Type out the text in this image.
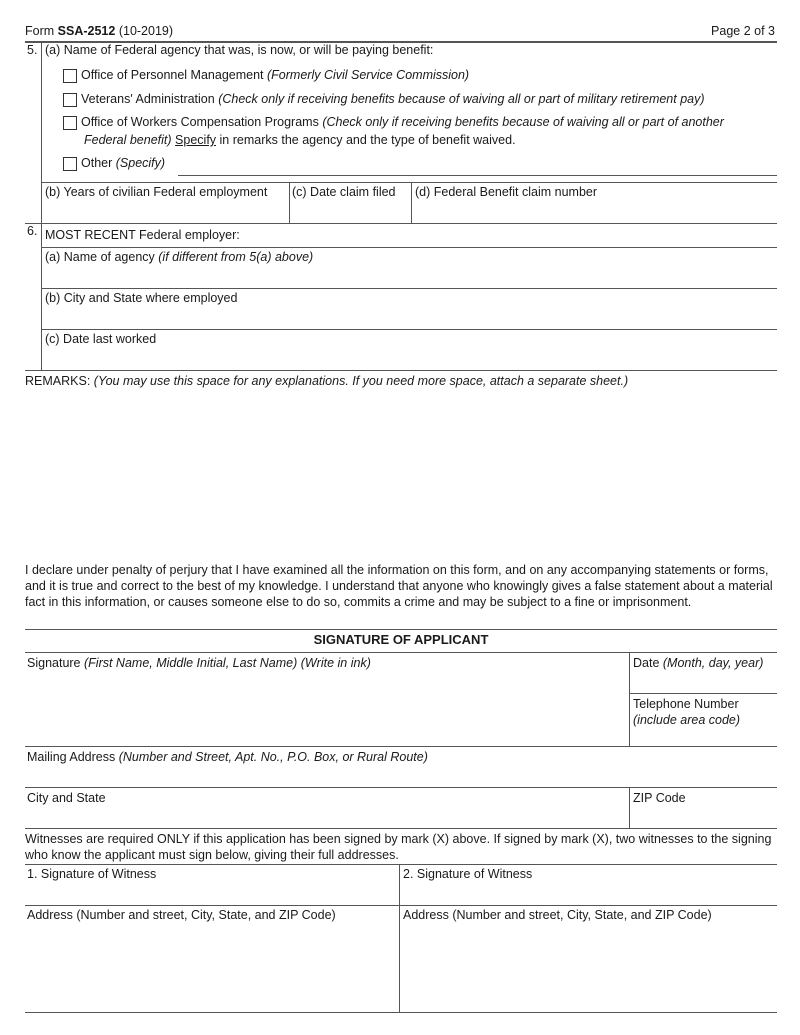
Form SSA-2512 (10-2019)	Page 2 of 3
5. (a) Name of Federal agency that was, is now, or will be paying benefit:
Office of Personnel Management (Formerly Civil Service Commission)
Veterans' Administration (Check only if receiving benefits because of waiving all or part of military retirement pay)
Office of Workers Compensation Programs (Check only if receiving benefits because of waiving all or part of another
Federal benefit) Specify in remarks the agency and the type of benefit waived.
Other (Specify)
(b) Years of civilian Federal employment (c) Date claim filed (d) Federal Benefit claim number
6. MOST RECENT Federal employer:
(a) Name of agency (if different from 5(a) above)
(b) City and State where employed
(c) Date last worked
REMARKS: (You may use this space for any explanations. If you need more space, attach a separate sheet.)
I declare under penalty of perjury that I have examined all the information on this form, and on any accompanying statements or forms, and it is true and correct to the best of my knowledge. I understand that anyone who knowingly gives a false statement about a material fact in this information, or causes someone else to do so, commits a crime and may be subject to a fine or imprisonment.
SIGNATURE OF APPLICANT
Signature (First Name, Middle Initial, Last Name) (Write in ink)	Date (Month, day, year)
Telephone Number
(include area code)
Mailing Address (Number and Street, Apt. No., P.O. Box, or Rural Route)
City and State	ZIP Code
Witnesses are required ONLY if this application has been signed by mark (X) above. If signed by mark (X), two witnesses to the signing who know the applicant must sign below, giving their full addresses.
1. Signature of Witness	2. Signature of Witness
Address (Number and street, City, State, and ZIP Code)	Address (Number and street, City, State, and ZIP Code)
